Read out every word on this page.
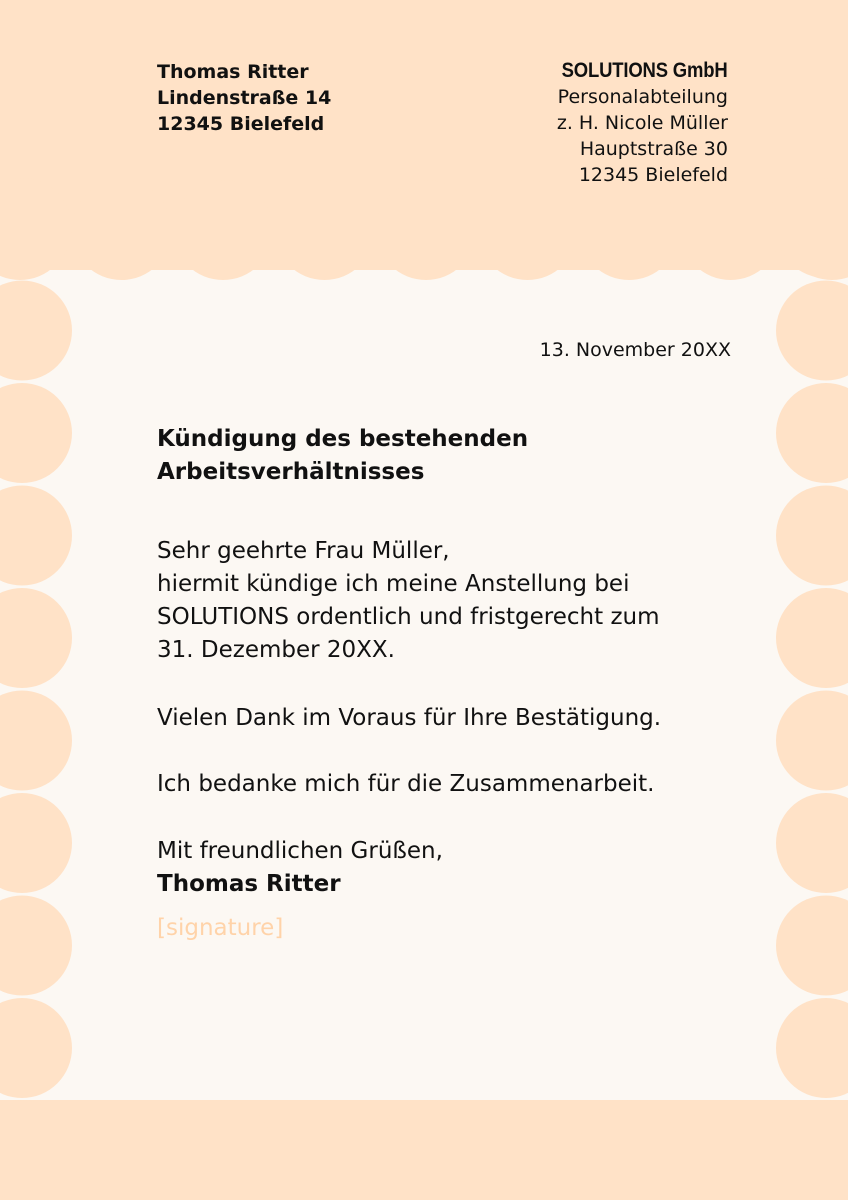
Thomas Ritter
Lindenstraße 14
12345 Bielefeld
SOLUTIONS GmbH
Personalabteilung
z. H. Nicole Müller
Hauptstraße 30
12345 Bielefeld
13. November 20XX
Kündigung des bestehenden Arbeitsverhältnisses
Sehr geehrte Frau Müller,
hiermit kündige ich meine Anstellung bei
SOLUTIONS ordentlich und fristgerecht zum
31. Dezember 20XX.
Vielen Dank im Voraus für Ihre Bestätigung.
Ich bedanke mich für die Zusammenarbeit.
Mit freundlichen Grüßen,
Thomas Ritter
[signature]
